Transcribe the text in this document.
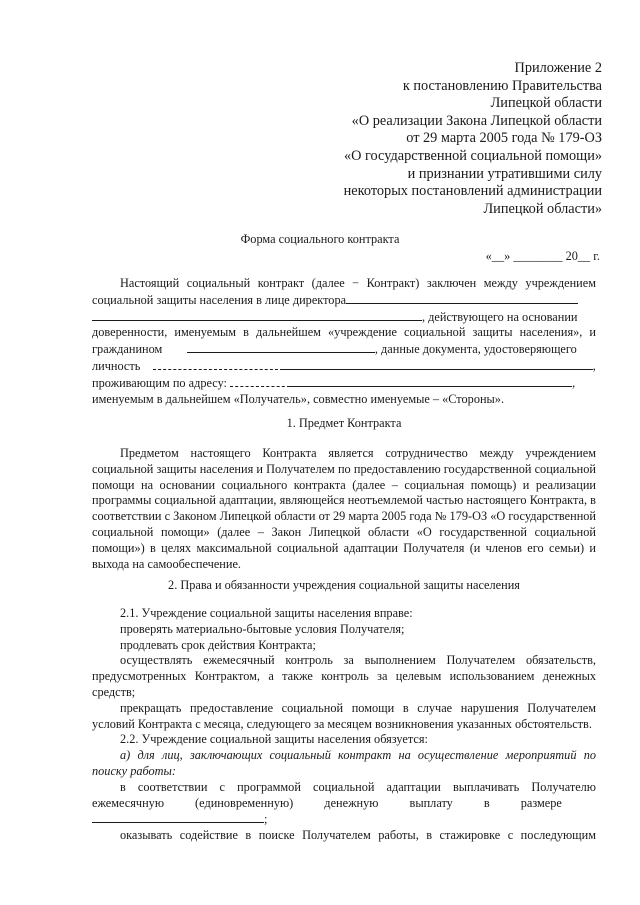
Приложение 2
к постановлению Правительства
Липецкой области
«О реализации Закона Липецкой области
от 29 марта 2005 года № 179-ОЗ
«О государственной социальной помощи»
и признании утратившими силу
некоторых постановлений администрации
Липецкой области»
Форма социального контракта
«__» ________ 20__ г.

Настоящий социальный контракт (далее − Контракт) заключен между учреждением

социальной защиты населения в лице директора

, действующего на основании

доверенности, именуемым в дальнейшем «учреждение социальной защиты населения», и

гражданином	, данные документа, удостоверяющего

личность	,

проживающим по адресу:	,

именуемым в дальнейшем «Получатель», совместно именуемые – «Стороны».

1. Предмет Контракта

Предметом настоящего Контракта является сотрудничество между учреждением социальной защиты населения и Получателем по предоставлению государственной социальной помощи на основании социального контракта (далее – социальная помощь) и реализации программы социальной адаптации, являющейся неотъемлемой частью настоящего Контракта, в соответствии с Законом Липецкой области от 29 марта 2005 года № 179-ОЗ «О государственной социальной помощи» (далее – Закон Липецкой области «О государственной социальной помощи») в целях максимальной социальной адаптации Получателя (и членов его семьи) и выхода на самообеспечение.

2. Права и обязанности учреждения социальной защиты населения

2.1. Учреждение социальной защиты населения вправе:

проверять материально-бытовые условия Получателя;

продлевать срок действия Контракта;

осуществлять ежемесячный контроль за выполнением Получателем обязательств, предусмотренных Контрактом, а также контроль за целевым использованием денежных средств;

прекращать предоставление социальной помощи в случае нарушения Получателем условий Контракта с месяца, следующего за месяцем возникновения указанных обстоятельств.

2.2. Учреждение социальной защиты населения обязуется:

а) для лиц, заключающих социальный контракт на осуществление мероприятий по поиску работы:

в соответствии с программой социальной адаптации выплачивать Получателю ежемесячную (единовременную) денежную выплату в размере  ;

оказывать содействие в поиске Получателем работы, в стажировке с последующим
